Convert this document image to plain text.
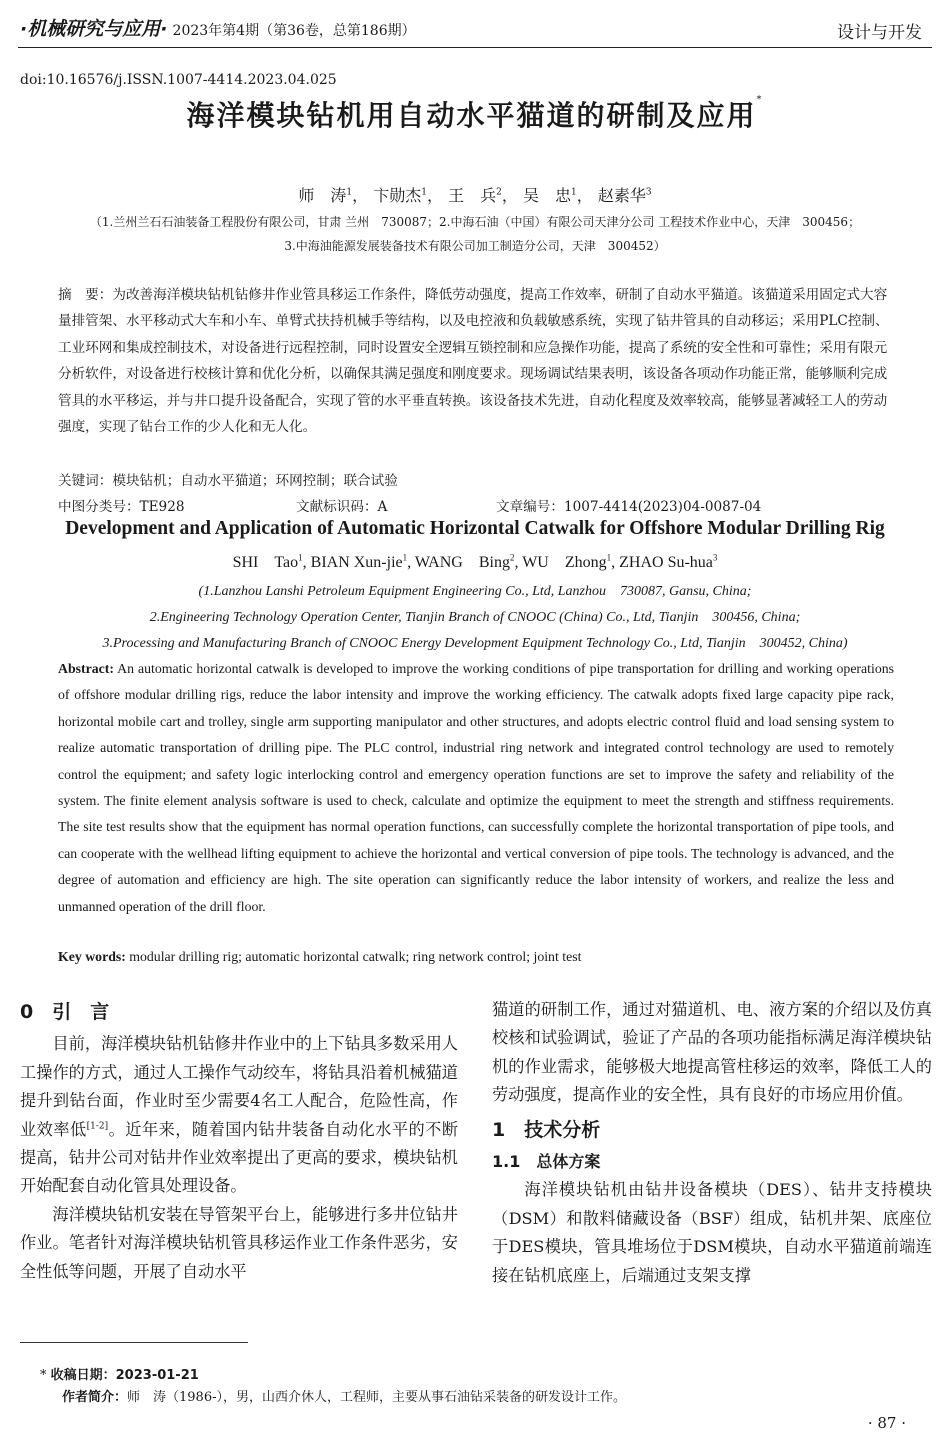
·机械研究与应用· 2023年第4期（第36卷，总第186期）	设计与开发
doi:10.16576/j.ISSN.1007-4414.2023.04.025
海洋模块钻机用自动水平猫道的研制及应用*
师　涛$^1$， 卞勋杰$^1$， 王　兵$^2$， 吴　忠$^1$， 赵素华$^3$
（1.兰州兰石石油装备工程股份有限公司，甘肃 兰州　730087；2.中海石油（中国）有限公司天津分公司 工程技术作业中心，天津　300456；
3.中海油能源发展装备技术有限公司加工制造分公司，天津　300452）
摘　要：为改善海洋模块钻机钻修井作业管具移运工作条件，降低劳动强度，提高工作效率，研制了自动水平猫道。该猫道采用固定式大容量排管架、水平移动式大车和小车、单臂式扶持机械手等结构，以及电控液和负载敏感系统，实现了钻井管具的自动移运；采用PLC控制、工业环网和集成控制技术，对设备进行远程控制，同时设置安全逻辑互锁控制和应急操作功能，提高了系统的安全性和可靠性；采用有限元分析软件，对设备进行校核计算和优化分析，以确保其满足强度和刚度要求。现场调试结果表明，该设备各项动作功能正常，能够顺利完成管具的水平移运，并与井口提升设备配合，实现了管的水平垂直转换。该设备技术先进，自动化程度及效率较高，能够显著减轻工人的劳动强度，实现了钻台工作的少人化和无人化。
关键词：模块钻机；自动水平猫道；环网控制；联合试验
中图分类号：TE928	文献标识码：A	文章编号：1007-4414(2023)04-0087-04
Development and Application of Automatic Horizontal Catwalk for Offshore Modular Drilling Rig
SHI　Tao$^1$, BIAN Xun-jie$^1$, WANG　Bing$^2$, WU　Zhong$^1$, ZHAO Su-hua$^3$
(1.Lanzhou Lanshi Petroleum Equipment Engineering Co., Ltd, Lanzhou　730087, Gansu, China;
2.Engineering Technology Operation Center, Tianjin Branch of CNOOC (China) Co., Ltd, Tianjin　300456, China;
3.Processing and Manufacturing Branch of CNOOC Energy Development Equipment Technology Co., Ltd, Tianjin　300452, China)
Abstract: An automatic horizontal catwalk is developed to improve the working conditions of pipe transportation for drilling and working operations of offshore modular drilling rigs, reduce the labor intensity and improve the working efficiency. The catwalk adopts fixed large capacity pipe rack, horizontal mobile cart and trolley, single arm supporting manipulator and other structures, and adopts electric control fluid and load sensing system to realize automatic transportation of drilling pipe. The PLC control, industrial ring network and integrated control technology are used to remotely control the equipment; and safety logic interlocking control and emergency operation functions are set to improve the safety and reliability of the system. The finite element analysis software is used to check, calculate and optimize the equipment to meet the strength and stiffness requirements. The site test results show that the equipment has normal operation functions, can successfully complete the horizontal transportation of pipe tools, and can cooperate with the wellhead lifting equipment to achieve the horizontal and vertical conversion of pipe tools. The technology is advanced, and the degree of automation and efficiency are high. The site operation can significantly reduce the labor intensity of workers, and realize the less and unmanned operation of the drill floor.
Key words: modular drilling rig; automatic horizontal catwalk; ring network control; joint test
0　引　言

目前，海洋模块钻机钻修井作业中的上下钻具多数采用人工操作的方式，通过人工操作气动绞车，将钻具沿着机械猫道提升到钻台面，作业时至少需要4名工人配合，危险性高，作业效率低[1-2]。近年来，随着国内钻井装备自动化水平的不断提高，钻井公司对钻井作业效率提出了更高的要求，模块钻机开始配套自动化管具处理设备。

海洋模块钻机安装在导管架平台上，能够进行多井位钻井作业。笔者针对海洋模块钻机管具移运作业工作条件恶劣，安全性低等问题，开展了自动水平

猫道的研制工作，通过对猫道机、电、液方案的介绍以及仿真校核和试验调试，验证了产品的各项功能指标满足海洋模块钻机的作业需求，能够极大地提高管柱移运的效率，降低工人的劳动强度，提高作业的安全性，具有良好的市场应用价值。
1　技术分析
1.1　总体方案

海洋模块钻机由钻井设备模块（DES）、钻井支持模块（DSM）和散料储藏设备（BSF）组成，钻机井架、底座位于DES模块，管具堆场位于DSM模块，自动水平猫道前端连接在钻机底座上，后端通过支架支撑

* 收稿日期：2023-01-21
作者简介：师　涛（1986-），男，山西介休人，工程师，主要从事石油钻采装备的研发设计工作。
· 87 ·
